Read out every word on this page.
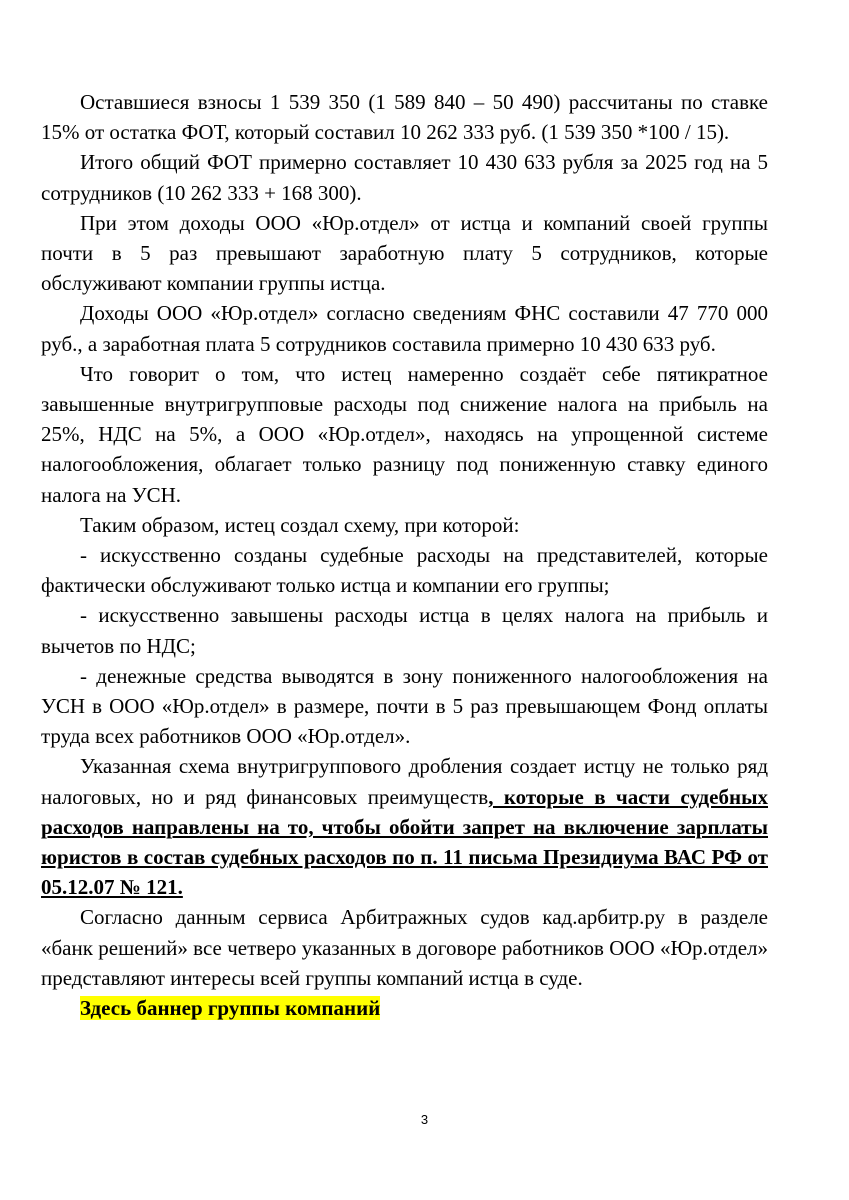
Оставшиеся взносы 1 539 350 (1 589 840 – 50 490) рассчитаны по ставке 15% от остатка ФОТ, который составил 10 262 333 руб. (1 539 350 *100 / 15).

Итого общий ФОТ примерно составляет 10 430 633 рубля за 2025 год на 5 сотрудников (10 262 333 + 168 300).

При этом доходы ООО «Юр.отдел» от истца и компаний своей группы почти в 5 раз превышают заработную плату 5 сотрудников, которые обслуживают компании группы истца.

Доходы ООО «Юр.отдел» согласно сведениям ФНС составили 47 770 000 руб., а заработная плата 5 сотрудников составила примерно 10 430 633 руб.

Что говорит о том, что истец намеренно создаёт себе пятикратное завышенные внутригрупповые расходы под снижение налога на прибыль на 25%, НДС на 5%, а ООО «Юр.отдел», находясь на упрощенной системе налогообложения, облагает только разницу под пониженную ставку единого налога на УСН.

Таким образом, истец создал схему, при которой:

- искусственно созданы судебные расходы на представителей, которые фактически обслуживают только истца и компании его группы;

- искусственно завышены расходы истца в целях налога на прибыль и вычетов по НДС;

- денежные средства выводятся в зону пониженного налогообложения на УСН в ООО «Юр.отдел» в размере, почти в 5 раз превышающем Фонд оплаты труда всех работников ООО «Юр.отдел».

Указанная схема внутригруппового дробления создает истцу не только ряд налоговых, но и ряд финансовых преимуществ, которые в части судебных расходов направлены на то, чтобы обойти запрет на включение зарплаты юристов в состав судебных расходов по п. 11 письма Президиума ВАС РФ от 05.12.07 № 121.

Согласно данным сервиса Арбитражных судов кад.арбитр.ру в разделе «банк решений» все четверо указанных в договоре работников ООО «Юр.отдел» представляют интересы всей группы компаний истца в суде.

Здесь баннер группы компаний

3
